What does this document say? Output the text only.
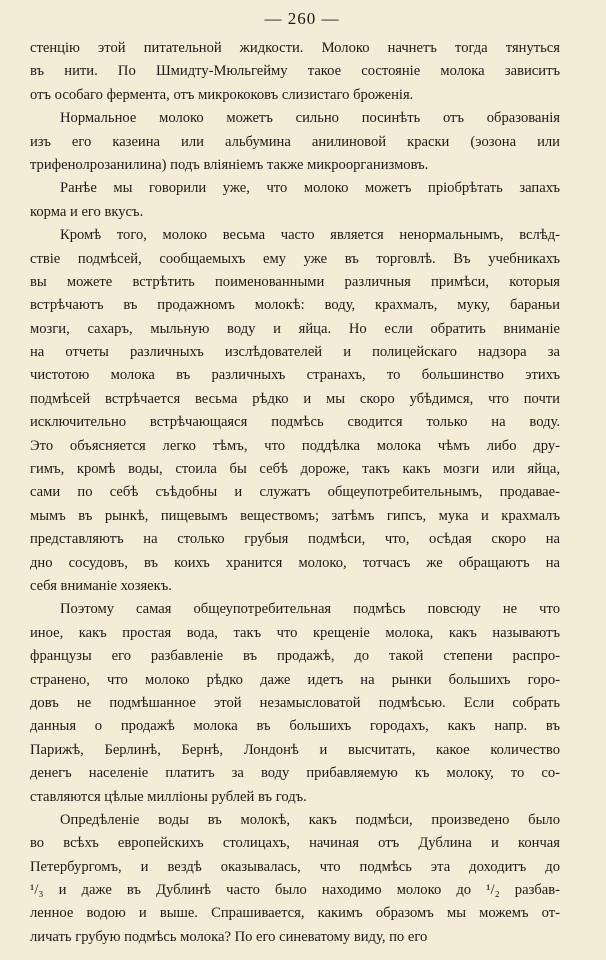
— 260 —
стенцію этой питательной жидкости. Молоко начнетъ тогда тянуться
въ нити. По Шмидту-Мюльгейму такое состояніе молока зависитъ
отъ особаго фермента, отъ микрококовъ слизистаго броженія.
Нормальное молоко можетъ сильно посинѣть отъ образованія
изъ его казеина или альбумина анилиновой краски (эозона или
трифенолрозанилина) подъ вліяніемъ также микроорганизмовъ.
Ранѣе мы говорили уже, что молоко можетъ пріобрѣтать запахъ
корма и его вкусъ.
Кромѣ того, молоко весьма часто является ненормальнымъ, вслѣд-
ствіе подмѣсей, сообщаемыхъ ему уже въ торговлѣ. Въ учебникахъ
вы можете встрѣтить поименованными различныя примѣси, которыя
встрѣчаютъ въ продажномъ молокѣ: воду, крахмалъ, муку, бараньи
мозги, сахаръ, мыльную воду и яйца. Но если обратить вниманіе
на отчеты различныхъ изслѣдователей и полицейскаго надзора за
чистотою молока въ различныхъ странахъ, то большинство этихъ
подмѣсей встрѣчается весьма рѣдко и мы скоро убѣдимся, что почти
исключительно встрѣчающаяся подмѣсь сводится только на воду.
Это объясняется легко тѣмъ, что поддѣлка молока чѣмъ либо дру-
гимъ, кромѣ воды, стоила бы себѣ дороже, такъ какъ мозги или яйца,
сами по себѣ съѣдобны и служатъ общеупотребительнымъ, продавае-
мымъ въ рынкѣ, пищевымъ веществомъ; затѣмъ гипсъ, мука и крахмалъ
представляютъ на столько грубыя подмѣси, что, осѣдая скоро на
дно сосудовъ, въ коихъ хранится молоко, тотчасъ же обращаютъ на
себя вниманіе хозяекъ.
Поэтому самая общеупотребительная подмѣсь повсюду не что
иное, какъ простая вода, такъ что крещеніе молока, какъ называютъ
французы его разбавленіе въ продажѣ, до такой степени распро-
странено, что молоко рѣдко даже идетъ на рынки большихъ горо-
довъ не подмѣшанное этой незамысловатой подмѣсью. Если собрать
данныя о продажѣ молока въ большихъ городахъ, какъ напр. въ
Парижѣ, Берлинѣ, Бернѣ, Лондонѣ и высчитать, какое количество
денегъ населеніе платитъ за воду прибавляемую къ молоку, то со-
ставляются цѣлые милліоны рублей въ годъ.
Опредѣленіе воды въ молокѣ, какъ подмѣси, произведено было
во всѣхъ европейскихъ столицахъ, начиная отъ Дублина и кончая
Петербургомъ, и вездѣ оказывалась, что подмѣсь эта доходитъ до
¹/₃ и даже въ Дублинѣ часто было находимо молоко до ¹/₂ разбав-
ленное водою и выше. Спрашивается, какимъ образомъ мы можемъ от-
личать грубую подмѣсь молока? По его синеватому виду, по его
